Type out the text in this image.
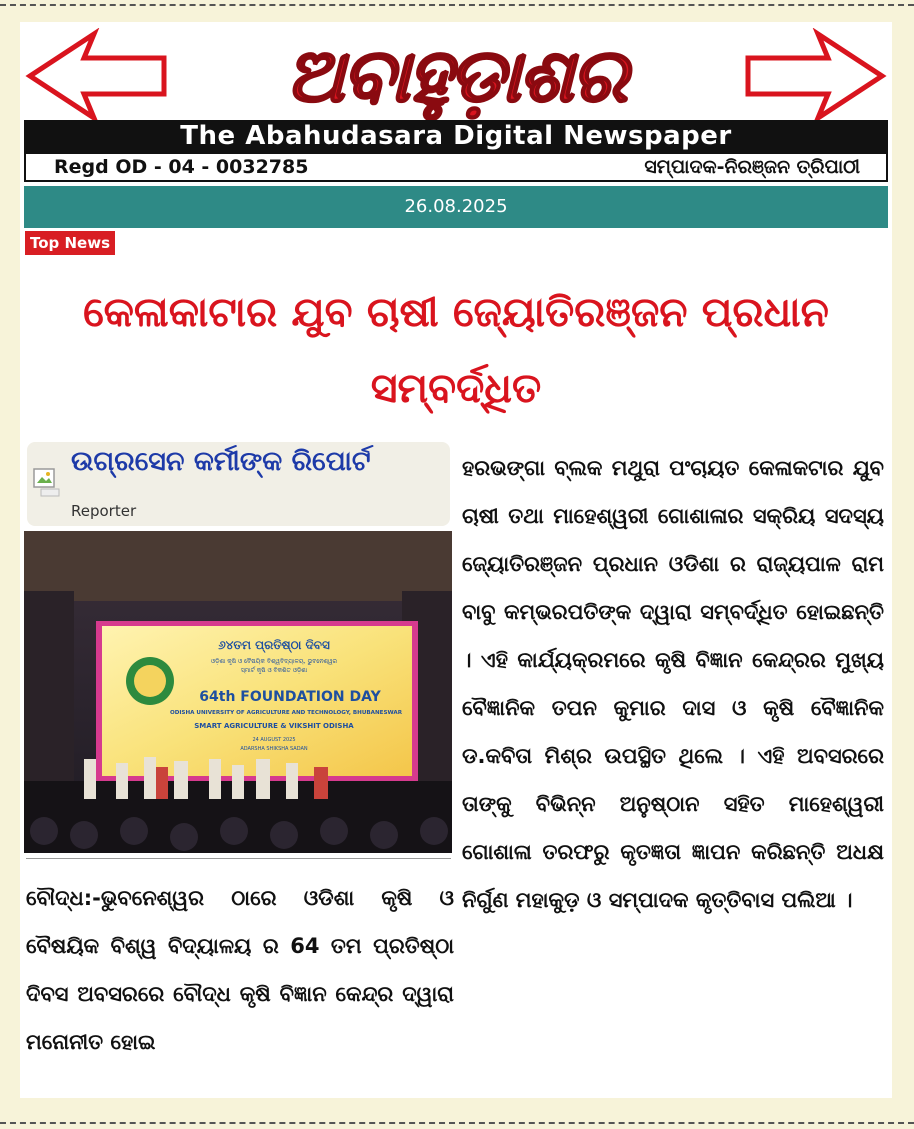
ଅବାହୁଡ଼ାଶର
The Abahudasara Digital Newspaper
Regd OD - 04 - 0032785	ସମ୍ପାଦକ-ନିରଞ୍ଜନ ତ୍ରିପାଠୀ
26.08.2025
Top News
କେଳାକାଟାର ଯୁବ ଚାଷୀ ଜ୍ୟୋତିରଞ୍ଜନ ପ୍ରଧାନ ସମ୍ବର୍ଦ୍ଧିତ
ଉଗ୍ରସେନ କର୍ମୀଙ୍କ ରିପୋର୍ଟ
Reporter
୬୪ତମ ପ୍ରତିଷ୍ଠା ଦିବସ
ଓଡ଼ିଶା କୃଷି ଓ ବୈଷୟିକ ବିଶ୍ୱବିଦ୍ୟାଳୟ, ଭୁବନେଶ୍ୱର
ସ୍ମାର୍ଟ କୃଷି ଓ ବିକଶିତ ଓଡ଼ିଶା
64th FOUNDATION DAY
ODISHA UNIVERSITY OF AGRICULTURE AND TECHNOLOGY, BHUBANESWAR
SMART AGRICULTURE & VIKSHIT ODISHA
24 AUGUST 2025
ADARSHA SHIKSHA SADAN

ହରଭଙ୍ଗା ବ୍ଲକ ମଥୁରା ପଂଚାୟତ କେଳାକଟାର ଯୁବ ଚାଷୀ ତଥା ମାହେଶ୍ୱରୀ ଗୋଶାଳାର ସକ୍ରିୟ ସଦସ୍ୟ ଜ୍ୟୋତିରଞ୍ଜନ ପ୍ରଧାନ ଓଡିଶା ର ରାଜ୍ୟପାଳ ରାମ ବାବୁ କମ୍ଭରପତିଙ୍କ ଦ୍ୱାରା ସମ୍ବର୍ଦ୍ଧିତ ହୋଇଛନ୍ତି । ଏହି କାର୍ଯ୍ୟକ୍ରମରେ କୃଷି ବିଜ୍ଞାନ କେନ୍ଦ୍ରର ମୁଖ୍ୟ ବୈଜ୍ଞାନିକ ତପନ କୁମାର ଦାସ ଓ କୃଷି ବୈଜ୍ଞାନିକ ଡ.କବିତା ମିଶ୍ର ଉପସ୍ଥିତ ଥିଲେ । ଏହି ଅବସରରେ ତାଙ୍କୁ ବିଭିନ୍ନ ଅନୁଷ୍ଠାନ ସହିତ ମାହେଶ୍ୱରୀ ଗୋଶାଳା ତରଫରୁ କୃତଜ୍ଞତା ଜ୍ଞାପନ କରିଛନ୍ତି ଅଧକ୍ଷ ନିର୍ଗୁଣ ମହାକୁଡ଼ ଓ ସମ୍ପାଦକ କୃତ୍ତିବାସ ପଲିଆ ।

ବୌଦ୍ଧ:-ଭୁବନେଶ୍ୱର ଠାରେ ଓଡିଶା କୃଷି ଓ ବୈଷୟିକ ବିଶ୍ୱ ବିଦ୍ୟାଳୟ ର 64 ତମ ପ୍ରତିଷ୍ଠା ଦିବସ ଅବସରରେ ବୌଦ୍ଧ କୃଷି ବିଜ୍ଞାନ କେନ୍ଦ୍ର ଦ୍ୱାରା ମନୋନୀତ ହୋଇ
